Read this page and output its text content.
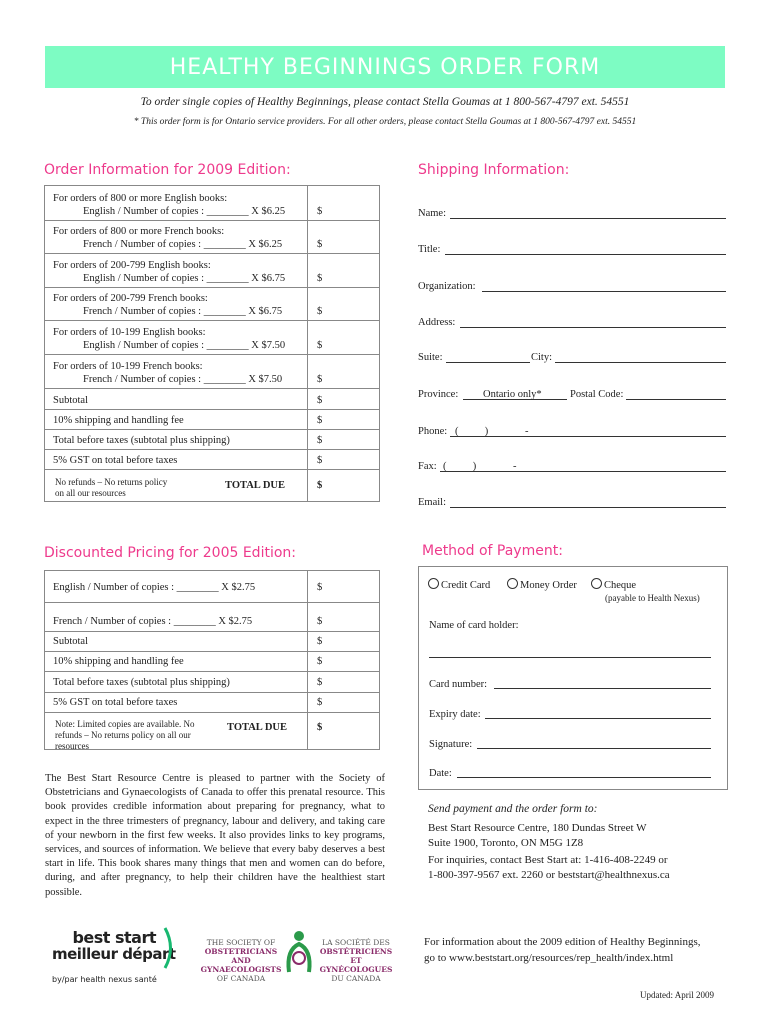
HEALTHY BEGINNINGS ORDER FORM
To order single copies of Healthy Beginnings, please contact Stella Goumas at 1 800-567-4797 ext. 54551
* This order form is for Ontario service providers. For all other orders, please contact Stella Goumas at 1 800-567-4797 ext. 54551
Order Information for 2009 Edition:
For orders of 800 or more English books:
English / Number of copies : ________ X $6.25	$
For orders of 800 or more French books:
French / Number of copies : ________ X $6.25	$
For orders of 200-799 English books:
English / Number of copies : ________ X $6.75	$
For orders of 200-799 French books:
French / Number of copies : ________ X $6.75	$
For orders of 10-199 English books:
English / Number of copies : ________ X $7.50	$
For orders of 10-199 French books:
French / Number of copies : ________ X $7.50	$
Subtotal	$
10% shipping and handling fee	$
Total before taxes (subtotal plus shipping)	$
5% GST on total before taxes	$
No refunds – No returns policy on all our resources
TOTAL DUE	$
Shipping Information:
Name:
Title:
Organization:
Address:
Suite:	City:
Province: Ontario only*	Postal Code:
Phone: (          )              -
Fax: (          )              -
Email:
Discounted Pricing for 2005 Edition:
English / Number of copies : ________ X $2.75	$
French / Number of copies : ________ X $2.75	$
Subtotal	$
10% shipping and handling fee	$
Total before taxes (subtotal plus shipping)	$
5% GST on total before taxes	$
Note: Limited copies are available. No refunds – No returns policy on all our resources
TOTAL DUE	$
Method of Payment:
Credit Card	Money Order	Cheque
(payable to Health Nexus)
Name of card holder:
Card number:
Expiry date:
Signature:
Date:
The Best Start Resource Centre is pleased to partner with the Society of Obstetricians and Gynaecologists of Canada to offer this prenatal resource. This book provides credible information about preparing for pregnancy, what to expect in the three trimesters of pregnancy, labour and delivery, and taking care of your newborn in the first few weeks. It also provides links to key programs, services, and sources of information. We believe that every baby deserves a best start in life. This book shares many things that men and women can do before, during, and after pregnancy, to help their children have the healthiest start possible.
Send payment and the order form to:
Best Start Resource Centre, 180 Dundas Street W
Suite 1900, Toronto, ON M5G 1Z8
For inquiries, contact Best Start at: 1-416-408-2249 or
1-800-397-9567 ext. 2260 or beststart@healthnexus.ca
best start
meilleur départ
by/par health nexus santé
THE SOCIETY OF
OBSTETRICIANS AND
GYNAECOLOGISTS
OF CANADA
LA SOCIÉTÉ DES
OBSTÉTRICIENS ET
GYNÉCOLOGUES
DU CANADA
For information about the 2009 edition of Healthy Beginnings,
go to www.beststart.org/resources/rep_health/index.html
Updated: April 2009
